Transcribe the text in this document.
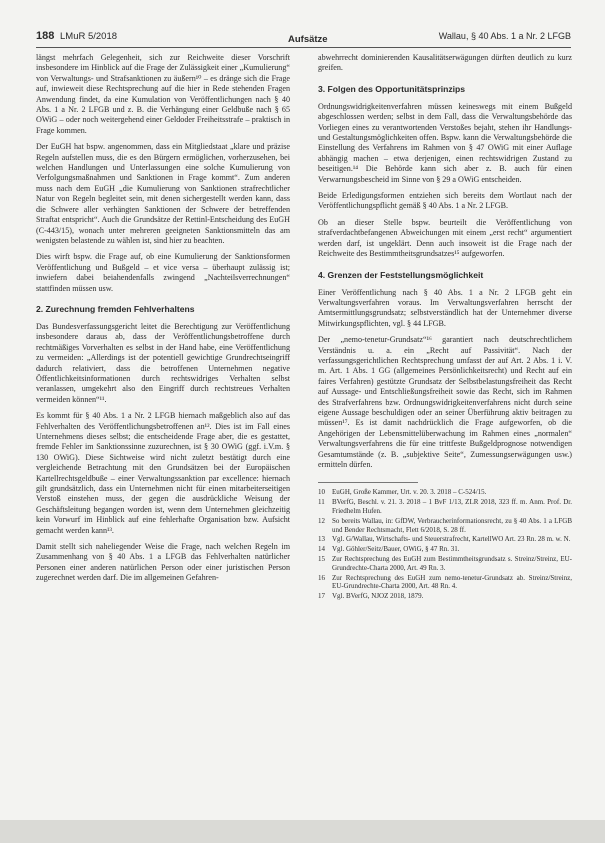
188 LMuR 5/2018	Aufsätze	Wallau, § 40 Abs. 1 a Nr. 2 LFGB

längst mehrfach Gelegenheit, sich zur Reichweite dieser Vorschrift insbesondere im Hinblick auf die Frage der Zulässigkeit einer „Kumulierung“ von Verwaltungs- und Strafsanktionen zu äußern¹⁰ – es dränge sich die Frage auf, inwieweit diese Rechtsprechung auf die hier in Rede stehenden Fragen Anwendung findet, da eine Kumulation von Veröffentlichungen nach § 40 Abs. 1 a Nr. 2 LFGB und z. B. die Verhängung einer Geldbuße nach § 65 OWiG – oder noch weitergehend einer Geldoder Freiheitsstrafe – praktisch in Frage kommen.

Der EuGH hat bspw. angenommen, dass ein Mitgliedstaat „klare und präzise Regeln aufstellen muss, die es den Bürgern ermöglichen, vorherzusehen, bei welchen Handlungen und Unterlassungen eine solche Kumulierung von Verfolgungsmaßnahmen und Sanktionen in Frage kommt“. Zum anderen muss nach dem EuGH „die Kumulierung von Sanktionen strafrechtlicher Natur von Regeln begleitet sein, mit denen sichergestellt werden kann, dass die Schwere aller verhängten Sanktionen der Schwere der betreffenden Straftat entspricht“. Auch die Grundsätze der Rettinl-Entscheidung des EuGH (C-443/15), wonach unter mehreren geeigneten Sanktionsmitteln das am wenigsten belastende zu wählen ist, sind hier zu beachten.

Dies wirft bspw. die Frage auf, ob eine Kumulierung der Sanktionsformen Veröffentlichung und Bußgeld – et vice versa – überhaupt zulässig ist; inwiefern dabei beiahendenfalls zwingend „Nachteilsverrechnungen“ stattfinden müssen usw.

2. Zurechnung fremden Fehlverhaltens

Das Bundesverfassungsgericht leitet die Berechtigung zur Veröffentlichung insbesondere daraus ab, dass der Veröffentlichungsbetroffene durch rechtmäßiges Vorverhalten es selbst in der Hand habe, eine Veröffentlichung zu vermeiden: „Allerdings ist der potentiell gewichtige Grundrechtseingriff dadurch relativiert, dass die betroffenen Unternehmen negative Öffentlichkeitsinformationen durch rechtswidriges Verhalten selbst veranlassen, umgekehrt also den Eingriff durch rechtstreues Verhalten vermeiden können“¹¹.

Es kommt für § 40 Abs. 1 a Nr. 2 LFGB hiernach maßgeblich also auf das Fehlverhalten des Veröffentlichungsbetroffenen an¹². Dies ist im Fall eines Unternehmens dieses selbst; die entscheidende Frage aber, die es gestattet, fremde Fehler im Sanktionssinne zuzurechnen, ist § 30 OWiG (ggf. i.V.m. § 130 OWiG). Diese Sichtweise wird nicht zuletzt bestätigt durch eine vergleichende Betrachtung mit den Grundsätzen bei der Europäischen Kartellrechtsgeldbuße – einer Verwaltungssanktion par excellence: hiernach gilt grundsätzlich, dass ein Unternehmen nicht für einen mitarbeiterseitigen Verstoß einstehen muss, der gegen die ausdrückliche Weisung der Geschäftsleitung begangen worden ist, wenn dem Unternehmen gleichzeitig kein Vorwurf im Hinblick auf eine fehlerhafte Organisation bzw. Aufsicht gemacht werden kann¹³.

Damit stellt sich naheliegender Weise die Frage, nach welchen Regeln im Zusammenhang von § 40 Abs. 1 a LFGB das Fehlverhalten natürlicher Personen einer anderen natürlichen Person oder einer juristischen Person zugerechnet werden darf. Die im allgemeinen Gefahren-

abwehrrecht dominierenden Kausalitätserwägungen dürften deutlich zu kurz greifen.

3. Folgen des Opportunitätsprinzips

Ordnungswidrigkeitenverfahren müssen keineswegs mit einem Bußgeld abgeschlossen werden; selbst in dem Fall, dass die Verwaltungsbehörde das Vorliegen eines zu verantwortenden Verstoßes bejaht, stehen ihr Handlungs- und Gestaltungsmöglichkeiten offen. Bspw. kann die Verwaltungsbehörde die Einstellung des Verfahrens im Rahmen von § 47 OWiG mit einer Auflage abhängig machen – etwa derjenigen, einen rechtswidrigen Zustand zu beseitigen.¹⁴ Die Behörde kann sich aber z. B. auch für einen Verwarnungsbescheid im Sinne von § 29 a OWiG entscheiden.

Beide Erledigungsformen entziehen sich bereits dem Wortlaut nach der Veröffentlichungspflicht gemäß § 40 Abs. 1 a Nr. 2 LFGB.

Ob an dieser Stelle bspw. beurteilt die Veröffentlichung von strafverdachtbefangenen Abweichungen mit einem „erst recht“ argumentiert werden darf, ist ungeklärt. Denn auch insoweit ist die Frage nach der Reichweite des Bestimmtheitsgrundsatzes¹⁵ aufgeworfen.

4. Grenzen der Feststellungsmöglichkeit

Einer Veröffentlichung nach § 40 Abs. 1 a Nr. 2 LFGB geht ein Verwaltungsverfahren voraus. Im Verwaltungsverfahren herrscht der Amtsermittlungsgrundsatz; selbstverständlich hat der Unternehmer diverse Mitwirkungspflichten, vgl. § 44 LFGB.

Der „nemo-tenetur-Grundsatz“¹⁶ garantiert nach deutschrechtlichem Verständnis u. a. ein „Recht auf Passivität“. Nach der verfassungsgerichtlichen Rechtsprechung umfasst der auf Art. 2 Abs. 1 i. V. m. Art. 1 Abs. 1 GG (allgemeines Persönlichkeitsrecht) und Recht auf ein faires Verfahren) gestützte Grundsatz der Selbstbelastungsfreiheit das Recht auf Aussage- und Entschließungsfreiheit sowie das Recht, sich im Rahmen des Strafverfahrens bzw. Ordnungswidrigkeitenverfahrens nicht durch seine eigene Aussage beschuldigen oder an seiner Überführung aktiv beitragen zu müssen¹⁷. Es ist damit nachdrücklich die Frage aufgeworfen, ob die Angehörigen der Lebensmittelüberwachung im Rahmen eines „normalen“ Verwaltungsverfahrens die für eine trittfeste Bußgeldprognose notwendigen Gesamtumstände (z. B. „subjektive Seite“, Zumessungserwägungen usw.) ermitteln dürfen.

10	EuGH, Große Kammer, Urt. v. 20. 3. 2018 – C-524/15.
11	BVerfG, Beschl. v. 21. 3. 2018 – 1 BvF 1/13, ZLR 2018, 323 ff. m. Anm. Prof. Dr. Friedhelm Hufen.
12	So bereits Wallau, in: GfDW, Verbraucherinformationsrecht, zu § 40 Abs. 1 a LFGB und Bender Rechtsmacht, Flett 6/2018, S. 28 ff.
13	Vgl. G/Wallau, Wirtschafts- und Steuerstrafrecht, KartellWO Art. 23 Rn. 28 m. w. N.
14	Vgl. Göhler/Seitz/Bauer, OWiG, § 47 Rn. 31.
15	Zur Rechtsprechung des EuGH zum Bestimmtheitsgrundsatz s. Streinz/Streinz, EU-Grundrechte-Charta 2000, Art. 49 Rn. 3.
16	Zur Rechtsprechung des EuGH zum nemo-tenetur-Grundsatz ab. Streinz/Streinz, EU-Grundrechte-Charta 2000, Art. 48 Rn. 4.
17	Vgl. BVerfG, NJOZ 2018, 1879.
